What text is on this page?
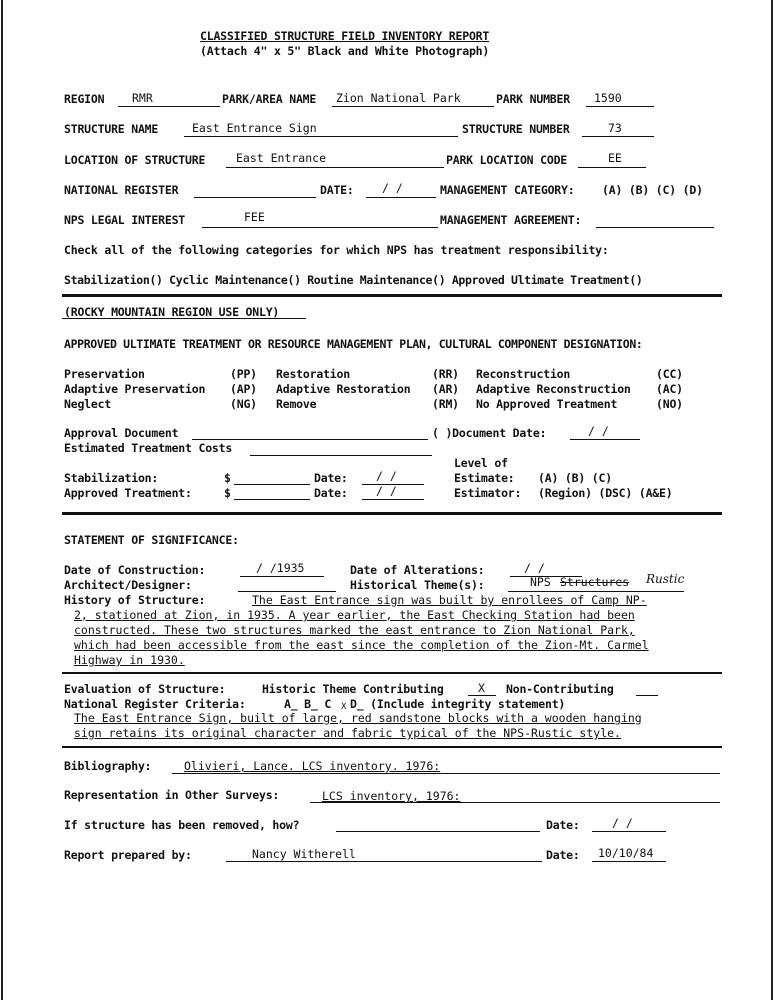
CLASSIFIED STRUCTURE FIELD INVENTORY REPORT
(Attach 4" x 5" Black and White Photograph)
REGION RMR	PARK/AREA NAME Zion National Park	PARK NUMBER 1590
STRUCTURE NAME	East Entrance Sign	STRUCTURE NUMBER	73
LOCATION OF STRUCTURE	East Entrance	PARK LOCATION CODE	EE
NATIONAL REGISTER	DATE: / /	MANAGEMENT CATEGORY: (A) (B) (C) (D)
NPS LEGAL INTEREST	FEE	MANAGEMENT AGREEMENT:
Check all of the following categories for which NPS has treatment responsibility:
Stabilization() Cyclic Maintenance() Routine Maintenance() Approved Ultimate Treatment()
(ROCKY MOUNTAIN REGION USE ONLY)
APPROVED ULTIMATE TREATMENT OR RESOURCE MANAGEMENT PLAN, CULTURAL COMPONENT DESIGNATION:
Preservation	(PP) Restoration	(RR) Reconstruction	(CC)
Adaptive Preservation (AP) Adaptive Restoration (AR) Adaptive Reconstruction (AC)
Neglect	(NG) Remove	(RM) No Approved Treatment	(NO)
Approval Document	( )Document Date:	/ /
Estimated Treatment Costs
Level of
Stabilization:	$	Date: / /	Estimate: (A) (B) (C)
Approved Treatment:	$	Date: / /	Estimator: (Region) (DSC) (A&E)
STATEMENT OF SIGNIFICANCE:
Date of Construction:	/ /1935	Date of Alterations:	/ /
Architect/Designer:	Historical Theme(s):	NPS Structures Rustic
History of Structure:	The East Entrance sign was built by enrollees of Camp NP-
2, stationed at Zion, in 1935. A year earlier, the East Checking Station had been
constructed. These two structures marked the east entrance to Zion National Park,
which had been accessible from the east since the completion of the Zion-Mt. Carmel
Highway in 1930.
Evaluation of Structure:	Historic Theme Contributing	X Non-Contributing
National Register Criteria:	A_ B_ C X D_ (Include integrity statement)
The East Entrance Sign, built of large, red sandstone blocks with a wooden hanging
sign retains its original character and fabric typical of the NPS-Rustic style.
Bibliography:	Olivieri, Lance. LCS inventory. 1976:
Representation in Other Surveys:	LCS inventory, 1976:
If structure has been removed, how?	Date:	/ /
Report prepared by:	Nancy Witherell	Date: 10/10/84
